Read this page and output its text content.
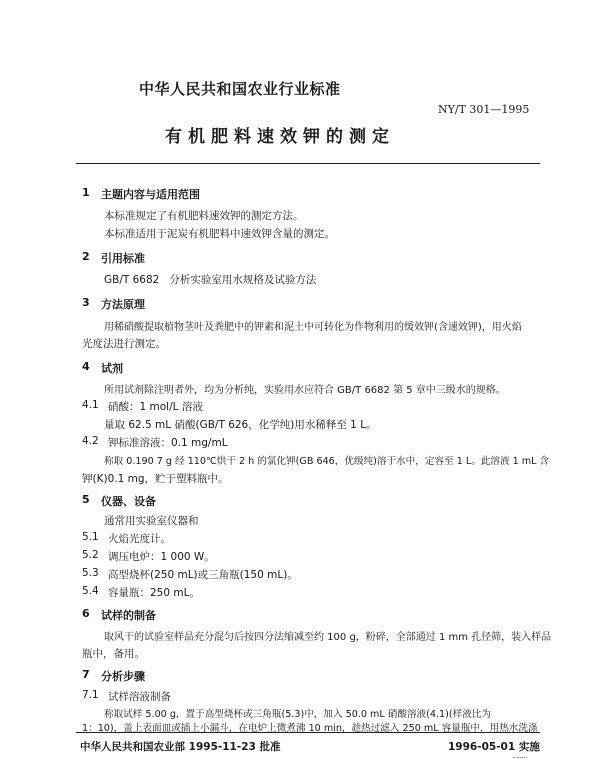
中华人民共和国农业行业标准
NY/T 301—1995
有机肥料速效钾的测定
1 主题内容与适用范围
本标准规定了有机肥料速效钾的测定方法。
本标准适用于泥炭有机肥料中速效钾含量的测定。
2 引用标准
GB/T 6682   分析实验室用水规格及试验方法
3 方法原理
用稀硝酸提取植物茎叶及粪肥中的钾素和泥土中可转化为作物利用的缓效钾(含速效钾)，用火焰
光度法进行测定。
4 试剂
所用试剂除注明者外，均为分析纯，实验用水应符合 GB/T 6682 第 5 章中三级水的规格。
4.1 硝酸：1 mol/L 溶液
量取 62.5 mL 硝酸(GB/T 626，化学纯)用水稀释至 1 L。
4.2 钾标准溶液：0.1 mg/mL
称取 0.190 7 g 经 110℃烘干 2 h 的氯化钾(GB 646，优级纯)溶于水中，定容至 1 L。此溶液 1 mL 含
钾(K)0.1 mg，贮于塑料瓶中。
5 仪器、设备
通常用实验室仪器和
5.1 火焰光度计。
5.2 调压电炉：1 000 W。
5.3 高型烧杯(250 mL)或三角瓶(150 mL)。
5.4 容量瓶：250 mL。
6 试样的制备
取风干的试验室样品充分混匀后按四分法缩减至约 100 g，粉碎，全部通过 1 mm 孔径筛，装入样品
瓶中，备用。
7 分析步骤
7.1 试样溶液制备
称取试样 5.00 g，置于高型烧杯或三角瓶(5.3)中，加入 50.0 mL 硝酸溶液(4.1)(样液比为
1：10)，盖上表面皿或插上小漏斗，在电炉上微煮沸 10 min，趁热过滤入 250 mL 容量瓶中，用热水洗涤
中华人民共和国农业部 1995-11-23 批准	1996-05-01 实施
